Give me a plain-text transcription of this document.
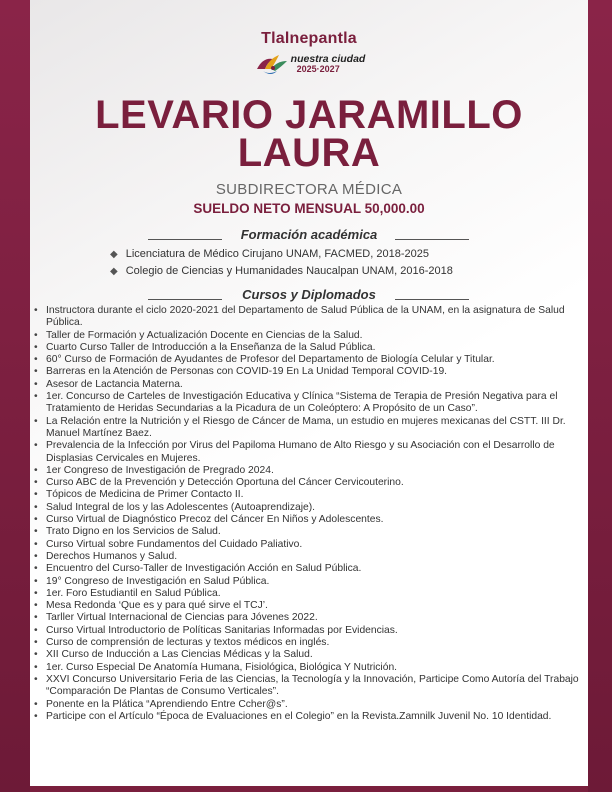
Tlalnepantla
nuestra ciudad
2025·2027
LEVARIO JARAMILLO
LAURA
SUBDIRECTORA MÉDICA
SUELDO NETO MENSUAL 50,000.00
Formación académica
◆ Licenciatura de Médico Cirujano UNAM, FACMED, 2018-2025
◆ Colegio de Ciencias y Humanidades Naucalpan UNAM, 2016-2018
Cursos y Diplomados
• Instructora durante el ciclo 2020-2021 del Departamento de Salud Pública de la UNAM, en la asignatura de Salud Pública.
• Taller de Formación y Actualización Docente en Ciencias de la Salud.
• Cuarto Curso Taller de Introducción a la Enseñanza de la Salud Pública.
• 60° Curso de Formación de Ayudantes de Profesor del Departamento de Biología Celular y Titular.
• Barreras en la Atención de Personas con COVID-19 En La Unidad Temporal COVID-19.
• Asesor de Lactancia Materna.
• 1er. Concurso de Carteles de Investigación Educativa y Clínica “Sistema de Terapia de Presión Negativa para el Tratamiento de Heridas Secundarias a la Picadura de un Coleóptero: A Propósito de un Caso”.
• La Relación entre la Nutrición y el Riesgo de Cáncer de Mama, un estudio en mujeres mexicanas del CSTT. III Dr. Manuel Martínez Baez.
• Prevalencia de la Infección por Virus del Papiloma Humano de Alto Riesgo y su Asociación con el Desarrollo de Displasias Cervicales en Mujeres.
• 1er Congreso de Investigación de Pregrado 2024.
• Curso ABC de la Prevención y Detección Oportuna del Cáncer Cervicouterino.
• Tópicos de Medicina de Primer Contacto II.
• Salud Integral de los y las Adolescentes (Autoaprendizaje).
• Curso Virtual de Diagnóstico Precoz del Cáncer En Niños y Adolescentes.
• Trato Digno en los Servicios de Salud.
• Curso Virtual sobre Fundamentos del Cuidado Paliativo.
• Derechos Humanos y Salud.
• Encuentro del Curso-Taller de Investigación Acción en Salud Pública.
• 19° Congreso de Investigación en Salud Pública.
• 1er. Foro Estudiantil en Salud Pública.
• Mesa Redonda ‘Que es y para qué sirve el TCJ’.
• Tarller Virtual Internacional de Ciencias para Jóvenes 2022.
• Curso Virtual Introductorio de Políticas Sanitarias Informadas por Evidencias.
• Curso de comprensión de lecturas y textos médicos en inglés.
• XII Curso de Inducción a Las Ciencias Médicas y la Salud.
• 1er. Curso Especial De Anatomía Humana, Fisiológica, Biológica Y Nutrición.
• XXVI Concurso Universitario Feria de las Ciencias, la Tecnología y la Innovación, Participe Como Autoría del Trabajo “Comparación De Plantas de Consumo Verticales”.
• Ponente en la Plática “Aprendiendo Entre Ccher@s”.
• Participe con el Artículo “Época de Evaluaciones en el Colegio” en la Revista.Zamnilk Juvenil No. 10 Identidad.
